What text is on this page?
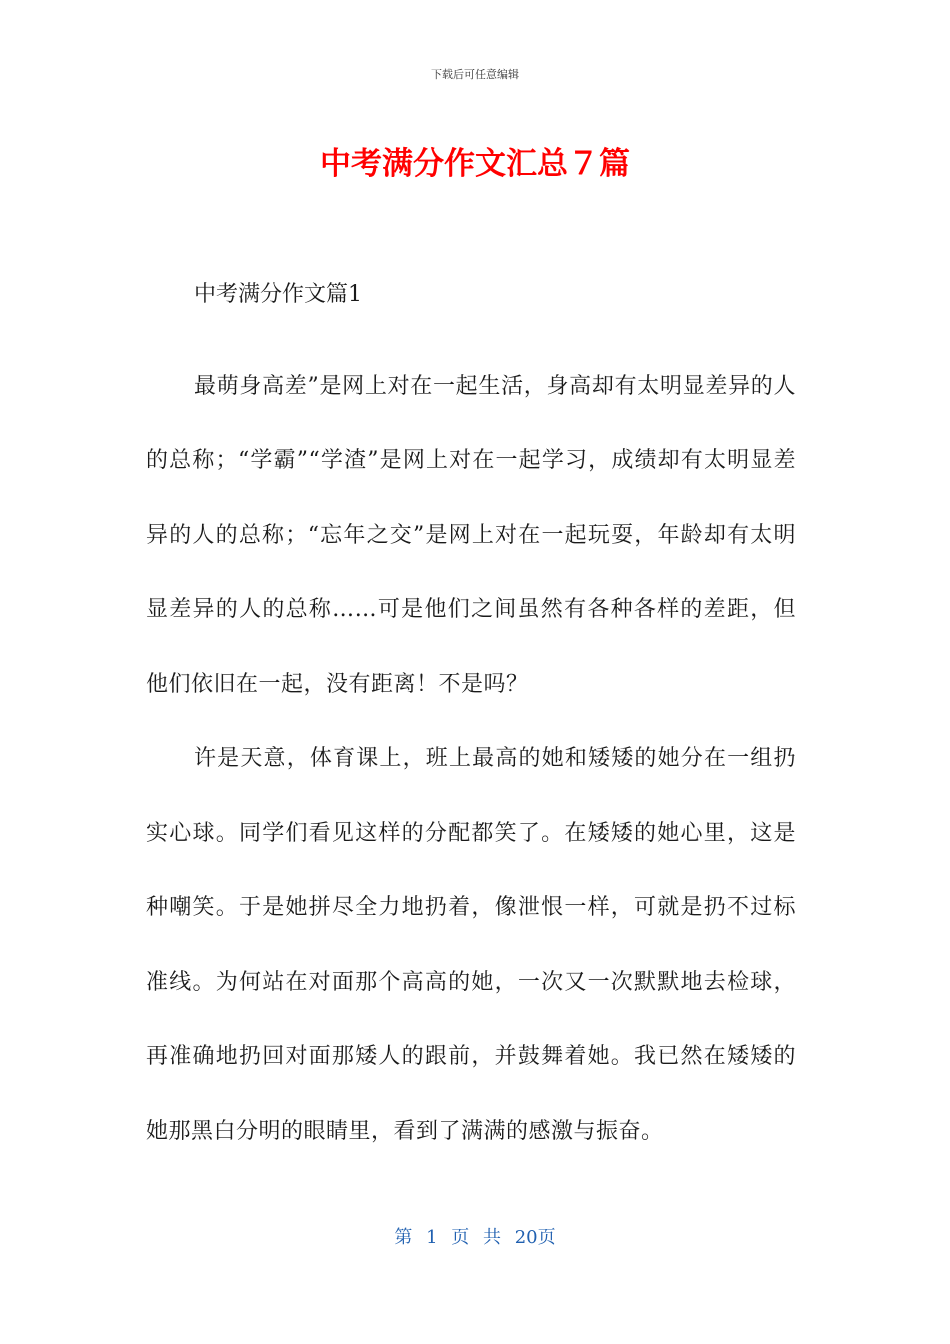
下载后可任意编辑
中考满分作文汇总７篇

中考满分作文篇1

最萌身高差”是网上对在一起生活，身高却有太明显差异的人的总称；“学霸”“学渣”是网上对在一起学习，成绩却有太明显差异的人的总称；“忘年之交”是网上对在一起玩耍，年龄却有太明显差异的人的总称……可是他们之间虽然有各种各样的差距，但他们依旧在一起，没有距离！不是吗？

许是天意，体育课上，班上最高的她和矮矮的她分在一组扔实心球。同学们看见这样的分配都笑了。在矮矮的她心里，这是种嘲笑。于是她拼尽全力地扔着，像泄恨一样，可就是扔不过标准线。为何站在对面那个高高的她，一次又一次默默地去检球，再准确地扔回对面那矮人的跟前，并鼓舞着她。我已然在矮矮的她那黑白分明的眼睛里，看到了满满的感激与振奋。

第 1 页 共 20页
